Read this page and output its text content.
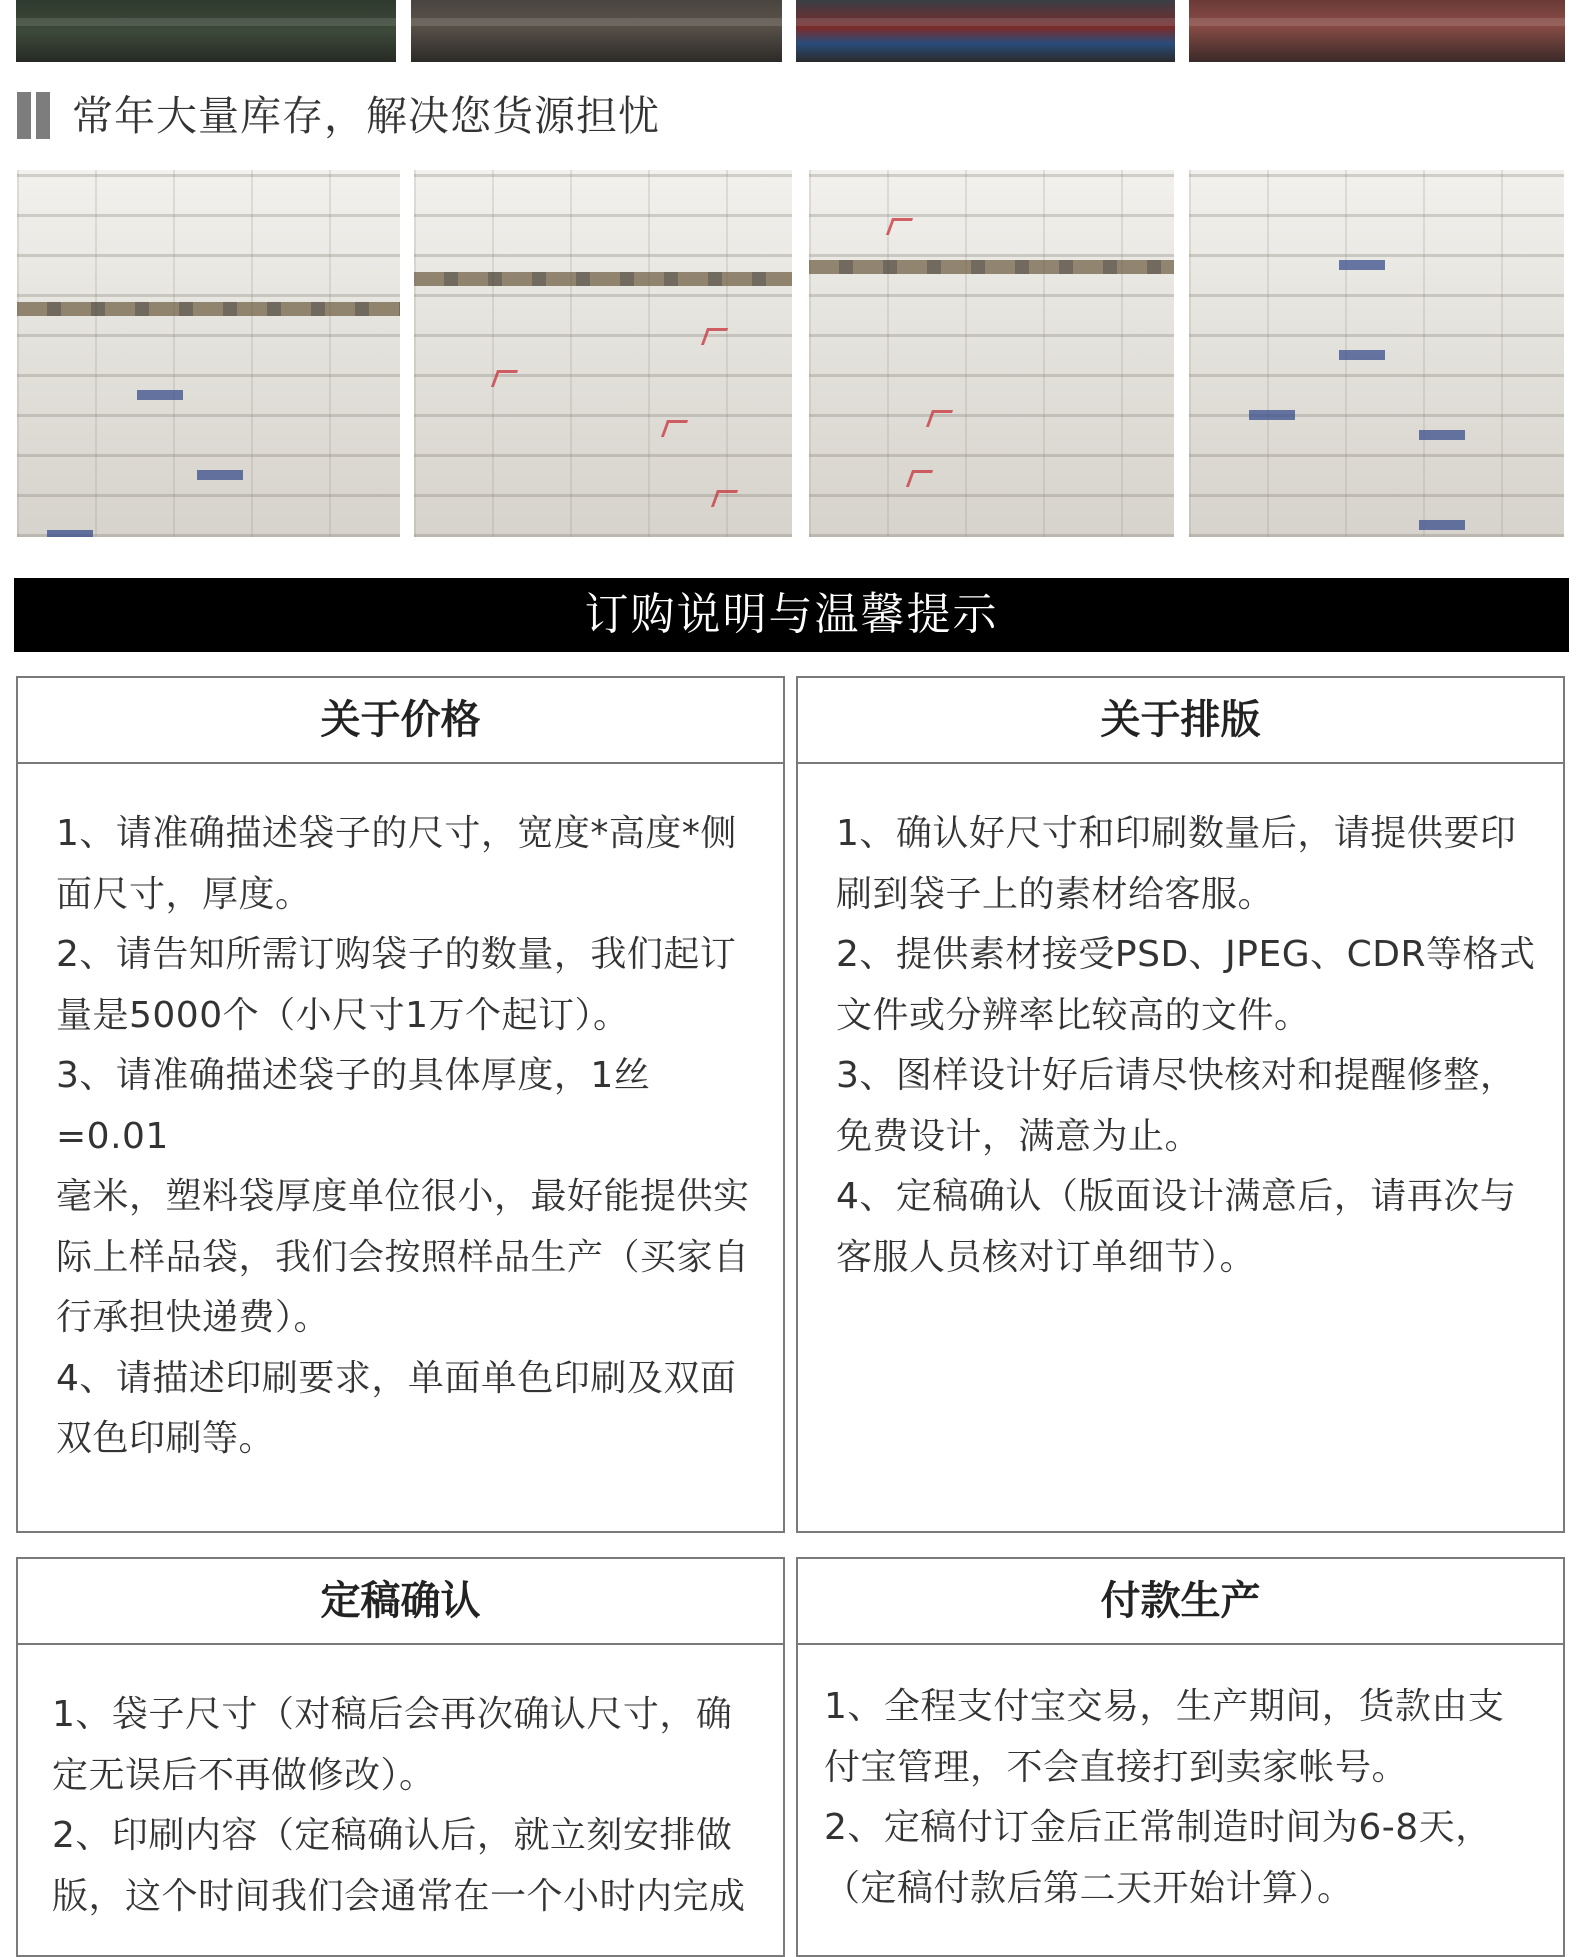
常年大量库存，解决您货源担忧
订购说明与温馨提示
关于价格

1、请准确描述袋子的尺寸，宽度*高度*侧

面尺寸，厚度。

2、请告知所需订购袋子的数量，我们起订

量是5000个（小尺寸1万个起订）。

3、请准确描述袋子的具体厚度，1丝=0.01

毫米，塑料袋厚度单位很小，最好能提供实

际上样品袋，我们会按照样品生产（买家自

行承担快递费）。

4、请描述印刷要求，单面单色印刷及双面

双色印刷等。

关于排版

1、确认好尺寸和印刷数量后，请提供要印

刷到袋子上的素材给客服。

2、提供素材接受PSD、JPEG、CDR等格式

文件或分辨率比较高的文件。

3、图样设计好后请尽快核对和提醒修整，

免费设计，满意为止。

4、定稿确认（版面设计满意后，请再次与

客服人员核对订单细节）。

定稿确认

1、袋子尺寸（对稿后会再次确认尺寸，确

定无误后不再做修改）。

2、印刷内容（定稿确认后，就立刻安排做

版，这个时间我们会通常在一个小时内完成

付款生产

1、全程支付宝交易，生产期间，货款由支

付宝管理，不会直接打到卖家帐号。

2、定稿付订金后正常制造时间为6-8天，

（定稿付款后第二天开始计算）。
